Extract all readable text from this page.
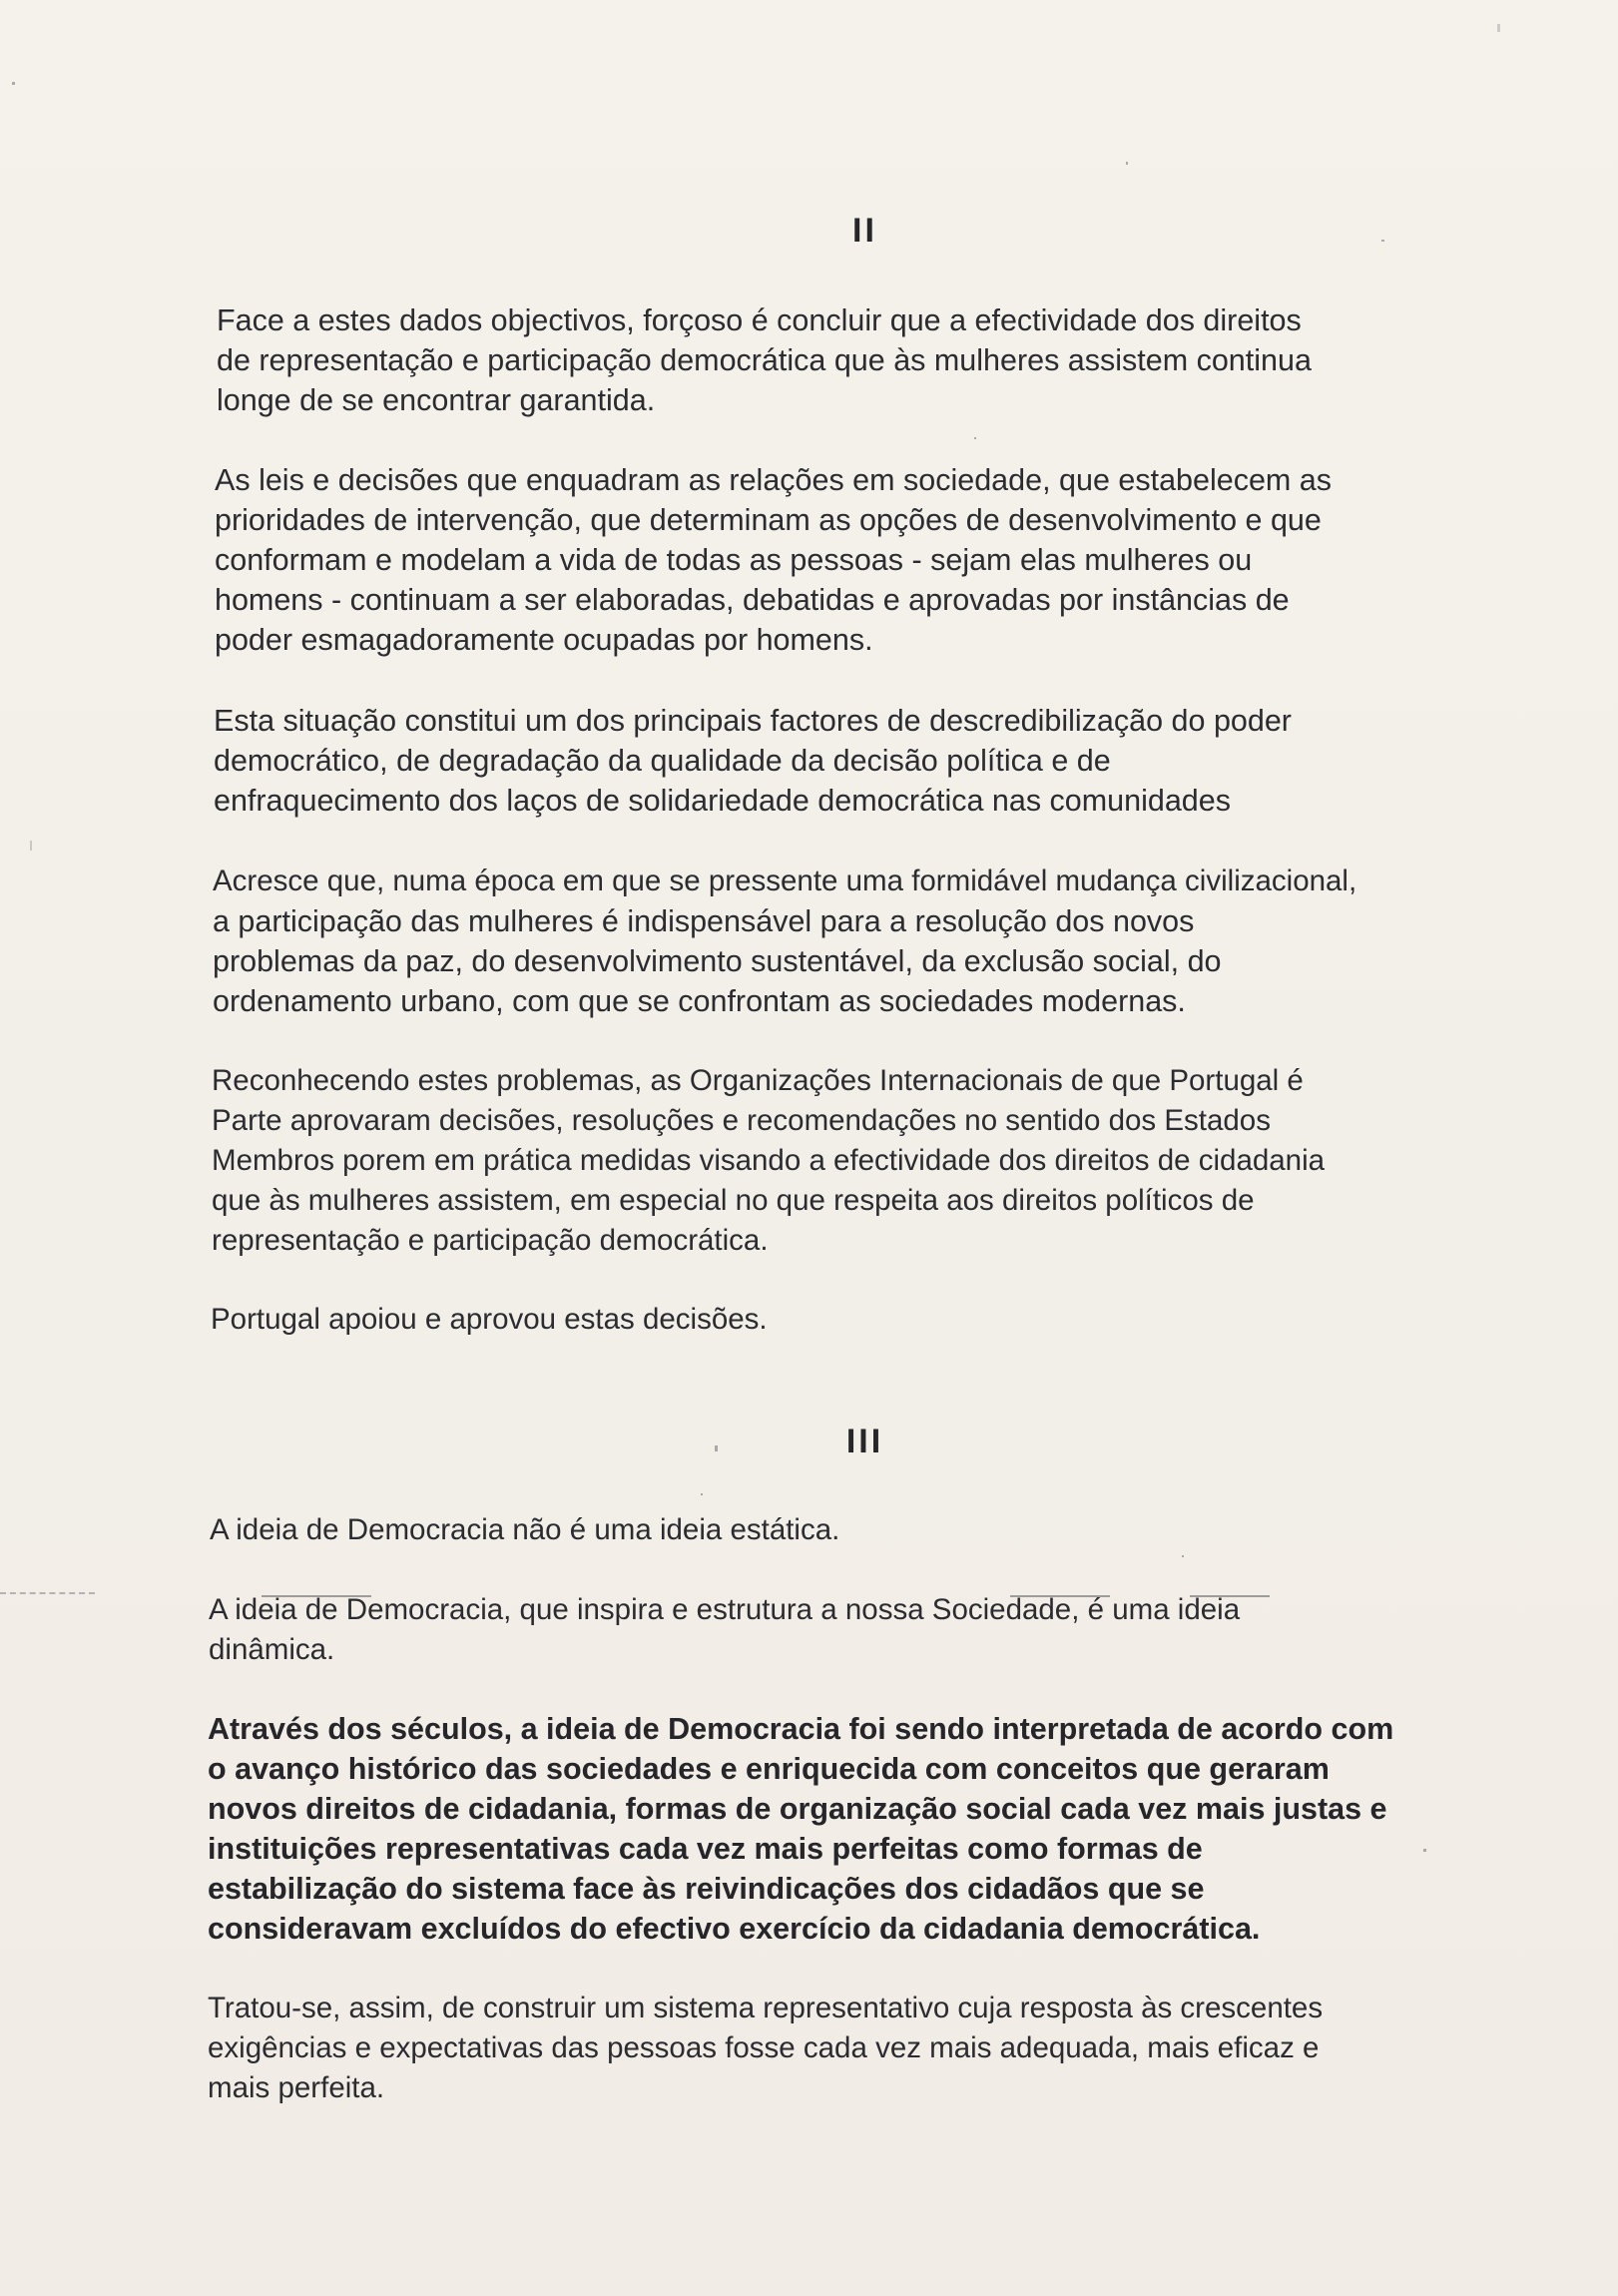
II

Face a estes dados objectivos, forçoso é concluir que a efectividade dos direitos
de representação e participação democrática que às mulheres assistem continua
longe de se encontrar garantida.

As leis e decisões que enquadram as relações em sociedade, que estabelecem as
prioridades de intervenção, que determinam as opções de desenvolvimento e que
conformam e modelam a vida de todas as pessoas - sejam elas mulheres ou
homens - continuam a ser elaboradas, debatidas e aprovadas por instâncias de
poder esmagadoramente ocupadas por homens.

Esta situação constitui um dos principais factores de descredibilização do poder
democrático, de degradação da qualidade da decisão política e de
enfraquecimento dos laços de solidariedade democrática nas comunidades

Acresce que, numa época em que se pressente uma formidável mudança civilizacional,
a participação das mulheres é indispensável para a resolução dos novos
problemas da paz, do desenvolvimento sustentável, da exclusão social, do
ordenamento urbano, com que se confrontam as sociedades modernas.

Reconhecendo estes problemas, as Organizações Internacionais de que Portugal é
Parte aprovaram decisões, resoluções e recomendações no sentido dos Estados
Membros porem em prática medidas visando a efectividade dos direitos de cidadania
que às mulheres assistem, em especial no que respeita aos direitos políticos de
representação e participação democrática.

Portugal apoiou e aprovou estas decisões.

III

A ideia de Democracia não é uma ideia estática.

A ideia de Democracia, que inspira e estrutura a nossa Sociedade, é uma ideia
dinâmica.

Através dos séculos, a ideia de Democracia foi sendo interpretada de acordo com
o avanço histórico das sociedades e enriquecida com conceitos que geraram
novos direitos de cidadania, formas de organização social cada vez mais justas e
instituições representativas cada vez mais perfeitas como formas de
estabilização do sistema face às reivindicações dos cidadãos que se
consideravam excluídos do efectivo exercício da cidadania democrática.

Tratou-se, assim, de construir um sistema representativo cuja resposta às crescentes
exigências e expectativas das pessoas fosse cada vez mais adequada, mais eficaz e
mais perfeita.
